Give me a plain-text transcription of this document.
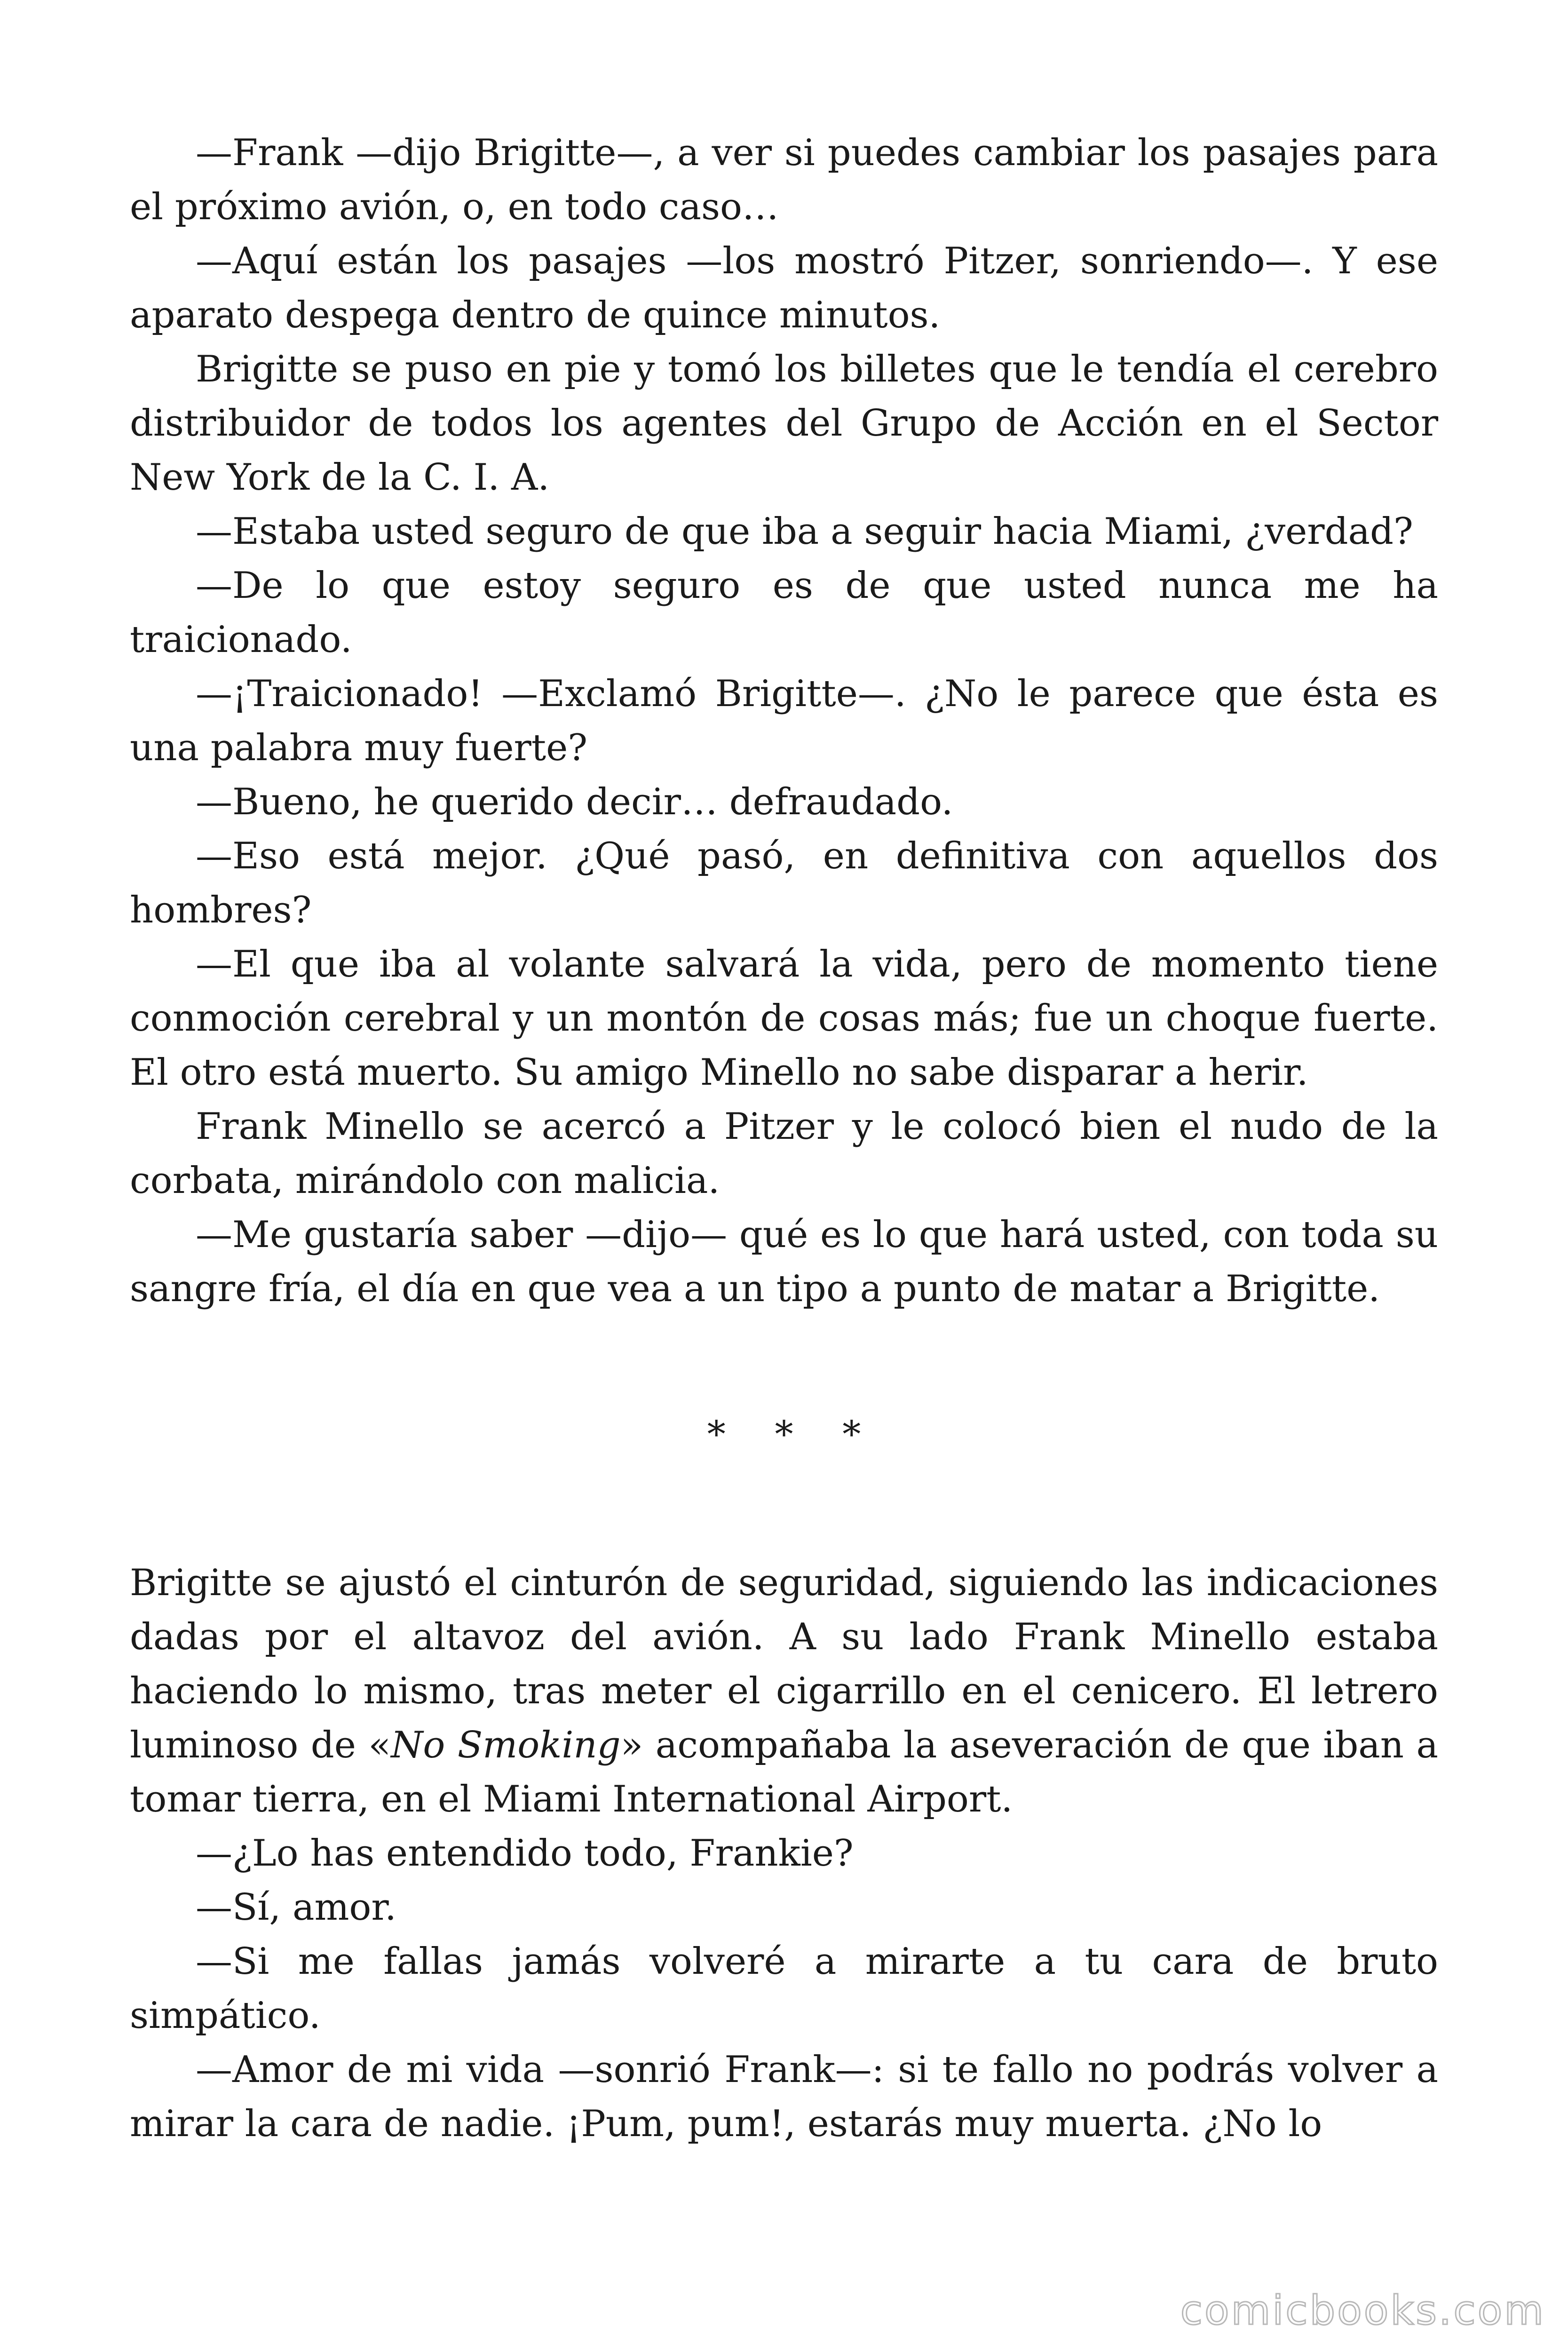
—Frank —dijo Brigitte—, a ver si puedes cambiar los pasajes para el próximo avión, o, en todo caso…

—Aquí están los pasajes —los mostró Pitzer, sonriendo—. Y ese aparato despega dentro de quince minutos.

Brigitte se puso en pie y tomó los billetes que le tendía el cerebro distribuidor de todos los agentes del Grupo de Acción en el Sector New York de la C. I. A.

—Estaba usted seguro de que iba a seguir hacia Miami, ¿verdad?

—De lo que estoy seguro es de que usted nunca me ha traicionado.

—¡Traicionado! —Exclamó Brigitte—. ¿No le parece que ésta es una palabra muy fuerte?

—Bueno, he querido decir… defraudado.

—Eso está mejor. ¿Qué pasó, en definitiva con aquellos dos hombres?

—El que iba al volante salvará la vida, pero de momento tiene conmoción cerebral y un montón de cosas más; fue un choque fuerte. El otro está muerto. Su amigo Minello no sabe disparar a herir.

Frank Minello se acercó a Pitzer y le colocó bien el nudo de la corbata, mirándolo con malicia.

—Me gustaría saber —dijo— qué es lo que hará usted, con toda su sangre fría, el día en que vea a un tipo a punto de matar a Brigitte.

* * *

Brigitte se ajustó el cinturón de seguridad, siguiendo las indicaciones dadas por el altavoz del avión. A su lado Frank Minello estaba haciendo lo mismo, tras meter el cigarrillo en el cenicero. El letrero luminoso de «No Smoking» acompañaba la aseveración de que iban a tomar tierra, en el Miami International Airport.

—¿Lo has entendido todo, Frankie?

—Sí, amor.

—Si me fallas jamás volveré a mirarte a tu cara de bruto simpático.

—Amor de mi vida —sonrió Frank—: si te fallo no podrás volver a mirar la cara de nadie. ¡Pum, pum!, estarás muy muerta. ¿No lo

comicbooks.com
